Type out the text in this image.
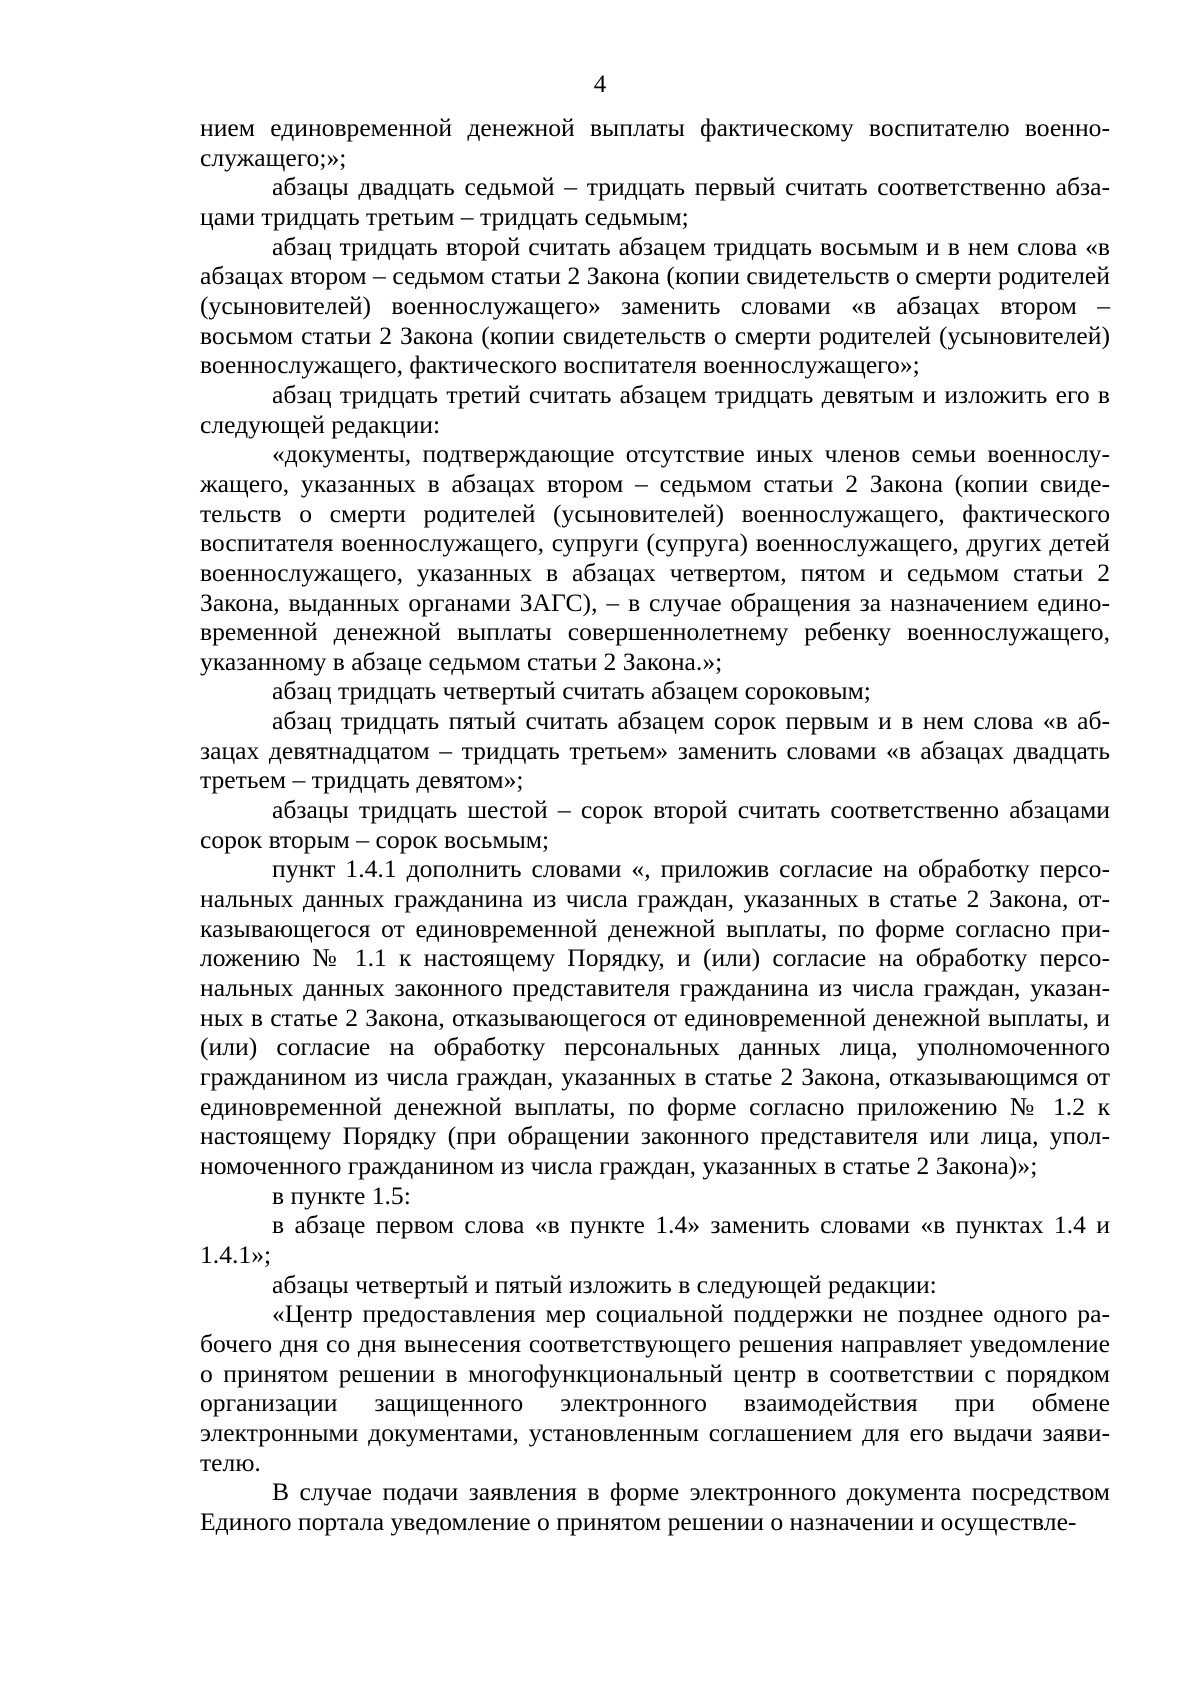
4

нием единовременной денежной выплаты фактическому воспитателю военнослужащего;»;

абзацы двадцать седьмой – тридцать первый считать соответственно абзацами тридцать третьим – тридцать седьмым;

абзац тридцать второй считать абзацем тридцать восьмым и в нем слова «в абзацах втором – седьмом статьи 2 Закона (копии свидетельств о смерти родителей (усыновителей) военнослужащего» заменить словами «в абзацах втором – восьмом статьи 2 Закона (копии свидетельств о смерти родителей (усыновителей) военнослужащего, фактического воспитателя военнослужащего»;

абзац тридцать третий считать абзацем тридцать девятым и изложить его в следующей редакции:

«документы, подтверждающие отсутствие иных членов семьи военнослужащего, указанных в абзацах втором – седьмом статьи 2 Закона (копии свидетельств о смерти родителей (усыновителей) военнослужащего, фактического воспитателя военнослужащего, супруги (супруга) военнослужащего, других детей военнослужащего, указанных в абзацах четвертом, пятом и седьмом статьи 2 Закона, выданных органами ЗАГС), – в случае обращения за назначением единовременной денежной выплаты совершеннолетнему ребенку военнослужащего, указанному в абзаце седьмом статьи 2 Закона.»;

абзац тридцать четвертый считать абзацем сороковым;

абзац тридцать пятый считать абзацем сорок первым и в нем слова «в абзацах девятнадцатом – тридцать третьем» заменить словами «в абзацах двадцать третьем – тридцать девятом»;

абзацы тридцать шестой – сорок второй считать соответственно абзацами сорок вторым – сорок восьмым;

пункт 1.4.1 дополнить словами «, приложив согласие на обработку персональных данных гражданина из числа граждан, указанных в статье 2 Закона, отказывающегося от единовременной денежной выплаты, по форме согласно приложению № 1.1 к настоящему Порядку, и (или) согласие на обработку персональных данных законного представителя гражданина из числа граждан, указанных в статье 2 Закона, отказывающегося от единовременной денежной выплаты, и (или) согласие на обработку персональных данных лица, уполномоченного гражданином из числа граждан, указанных в статье 2 Закона, отказывающимся от единовременной денежной выплаты, по форме согласно приложению № 1.2 к настоящему Порядку (при обращении законного представителя или лица, уполномоченного гражданином из числа граждан, указанных в статье 2 Закона)»;

в пункте 1.5:

в абзаце первом слова «в пункте 1.4» заменить словами «в пунктах 1.4 и 1.4.1»;

абзацы четвертый и пятый изложить в следующей редакции:

«Центр предоставления мер социальной поддержки не позднее одного рабочего дня со дня вынесения соответствующего решения направляет уведомление о принятом решении в многофункциональный центр в соответствии с порядком организации защищенного электронного взаимодействия при обмене электронными документами, установленным соглашением для его выдачи заявителю.

В случае подачи заявления в форме электронного документа посредством Единого портала уведомление о принятом решении о назначении и осуществле-
